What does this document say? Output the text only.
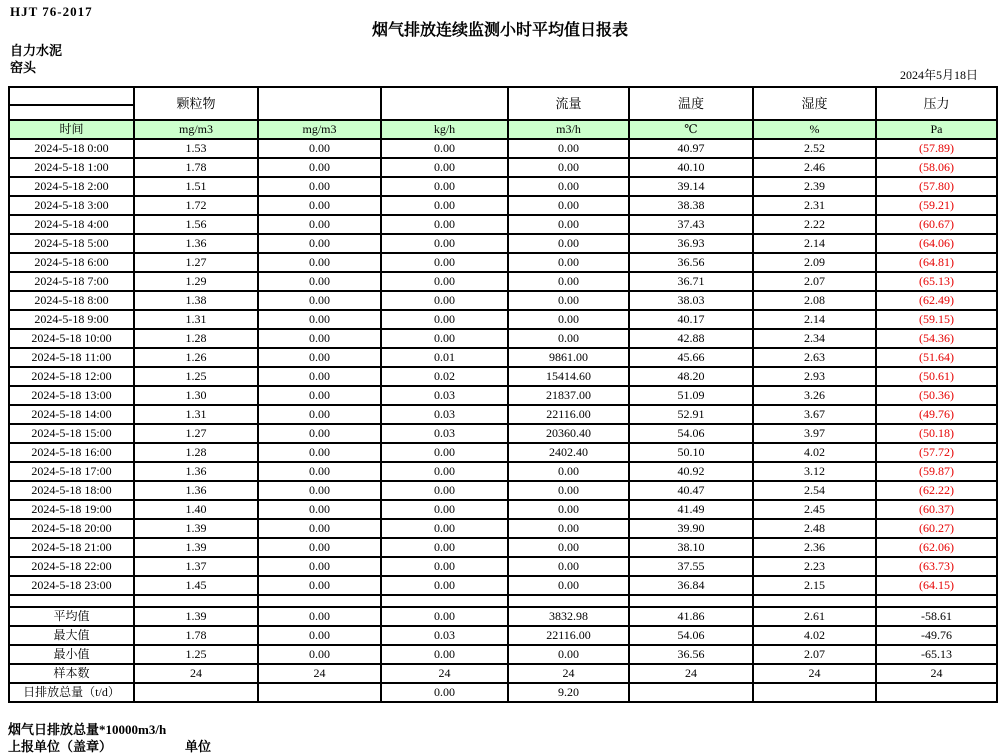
HJT 76-2017
烟气排放连续监测小时平均值日报表
自力水泥
窑头	2024年5月18日
	颗粒物			流量	温度	湿度	压力

时间	mg/m3	mg/m3	kg/h	m3/h	℃	%	Pa
2024-5-18 0:00	1.53	0.00	0.00	0.00	40.97	2.52	(57.89)
2024-5-18 1:00	1.78	0.00	0.00	0.00	40.10	2.46	(58.06)
2024-5-18 2:00	1.51	0.00	0.00	0.00	39.14	2.39	(57.80)
2024-5-18 3:00	1.72	0.00	0.00	0.00	38.38	2.31	(59.21)
2024-5-18 4:00	1.56	0.00	0.00	0.00	37.43	2.22	(60.67)
2024-5-18 5:00	1.36	0.00	0.00	0.00	36.93	2.14	(64.06)
2024-5-18 6:00	1.27	0.00	0.00	0.00	36.56	2.09	(64.81)
2024-5-18 7:00	1.29	0.00	0.00	0.00	36.71	2.07	(65.13)
2024-5-18 8:00	1.38	0.00	0.00	0.00	38.03	2.08	(62.49)
2024-5-18 9:00	1.31	0.00	0.00	0.00	40.17	2.14	(59.15)
2024-5-18 10:00	1.28	0.00	0.00	0.00	42.88	2.34	(54.36)
2024-5-18 11:00	1.26	0.00	0.01	9861.00	45.66	2.63	(51.64)
2024-5-18 12:00	1.25	0.00	0.02	15414.60	48.20	2.93	(50.61)
2024-5-18 13:00	1.30	0.00	0.03	21837.00	51.09	3.26	(50.36)
2024-5-18 14:00	1.31	0.00	0.03	22116.00	52.91	3.67	(49.76)
2024-5-18 15:00	1.27	0.00	0.03	20360.40	54.06	3.97	(50.18)
2024-5-18 16:00	1.28	0.00	0.00	2402.40	50.10	4.02	(57.72)
2024-5-18 17:00	1.36	0.00	0.00	0.00	40.92	3.12	(59.87)
2024-5-18 18:00	1.36	0.00	0.00	0.00	40.47	2.54	(62.22)
2024-5-18 19:00	1.40	0.00	0.00	0.00	41.49	2.45	(60.37)
2024-5-18 20:00	1.39	0.00	0.00	0.00	39.90	2.48	(60.27)
2024-5-18 21:00	1.39	0.00	0.00	0.00	38.10	2.36	(62.06)
2024-5-18 22:00	1.37	0.00	0.00	0.00	37.55	2.23	(63.73)
2024-5-18 23:00	1.45	0.00	0.00	0.00	36.84	2.15	(64.15)

平均值	1.39	0.00	0.00	3832.98	41.86	2.61	-58.61
最大值	1.78	0.00	0.03	22116.00	54.06	4.02	-49.76
最小值	1.25	0.00	0.00	0.00	36.56	2.07	-65.13
样本数	24	24	24	24	24	24	24
日排放总量（t/d）			0.00	9.20			
烟气日排放总量*10000m3/h
上报单位（盖章）	单位
